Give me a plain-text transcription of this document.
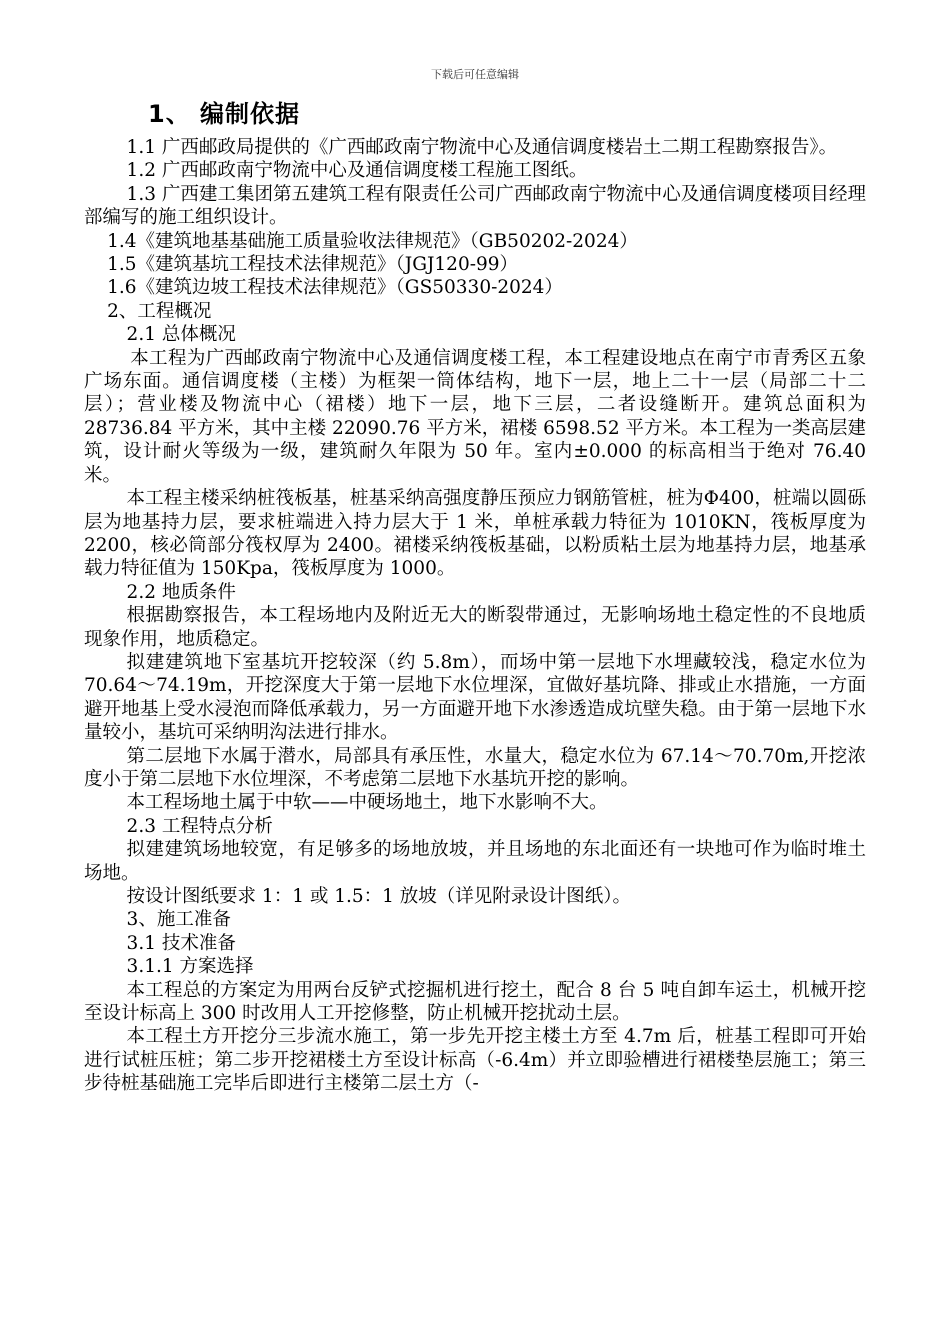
下载后可任意编辑
1、 编制依据

1.1 广西邮政局提供的《广西邮政南宁物流中心及通信调度楼岩土二期工程勘察报告》。

1.2 广西邮政南宁物流中心及通信调度楼工程施工图纸。

1.3 广西建工集团第五建筑工程有限责任公司广西邮政南宁物流中心及通信调度楼项目经理部编写的施工组织设计。

1.4《建筑地基基础施工质量验收法律规范》（GB50202-2024）

1.5《建筑基坑工程技术法律规范》（JGJ120-99）

1.6《建筑边坡工程技术法律规范》（GS50330-2024）

2、工程概况

2.1 总体概况

本工程为广西邮政南宁物流中心及通信调度楼工程，本工程建设地点在南宁市青秀区五象广场东面。通信调度楼（主楼）为框架一筒体结构，地下一层，地上二十一层（局部二十二层）；营业楼及物流中心（裙楼）地下一层，地下三层，二者设缝断开。建筑总面积为 28736.84 平方米，其中主楼 22090.76 平方米，裙楼 6598.52 平方米。本工程为一类高层建筑，设计耐火等级为一级，建筑耐久年限为 50 年。室内±0.000 的标高相当于绝对 76.40 米。

本工程主楼采纳桩筏板基，桩基采纳高强度静压预应力钢筋管桩，桩为Φ400，桩端以圆砾层为地基持力层，要求桩端进入持力层大于 1 米，单桩承载力特征为 1010KN，筏板厚度为 2200，核必筒部分筏权厚为 2400。裙楼采纳筏板基础，以粉质粘土层为地基持力层，地基承载力特征值为 150Kpa，筏板厚度为 1000。

2.2 地质条件

根据勘察报告，本工程场地内及附近无大的断裂带通过，无影响场地土稳定性的不良地质现象作用，地质稳定。

拟建建筑地下室基坑开挖较深（约 5.8m），而场中第一层地下水埋藏较浅，稳定水位为 70.64～74.19m，开挖深度大于第一层地下水位埋深，宜做好基坑降、排或止水措施，一方面避开地基上受水浸泡而降低承载力，另一方面避开地下水渗透造成坑壁失稳。由于第一层地下水量较小，基坑可采纳明沟法进行排水。

第二层地下水属于潜水，局部具有承压性，水量大，稳定水位为 67.14～70.70m,开挖浓度小于第二层地下水位埋深，不考虑第二层地下水基坑开挖的影响。

本工程场地土属于中软——中硬场地土，地下水影响不大。

2.3 工程特点分析

拟建建筑场地较宽，有足够多的场地放坡，并且场地的东北面还有一块地可作为临时堆土场地。

按设计图纸要求 1：1 或 1.5：1 放坡（详见附录设计图纸）。

3、施工准备

3.1 技术准备

3.1.1 方案选择

本工程总的方案定为用两台反铲式挖掘机进行挖土，配合 8 台 5 吨自卸车运土，机械开挖至设计标高上 300 时改用人工开挖修整，防止机械开挖扰动土层。

本工程土方开挖分三步流水施工，第一步先开挖主楼土方至 4.7m 后，桩基工程即可开始进行试桩压桩；第二步开挖裙楼土方至设计标高（-6.4m）并立即验槽进行裙楼垫层施工；第三步待桩基础施工完毕后即进行主楼第二层土方（-
